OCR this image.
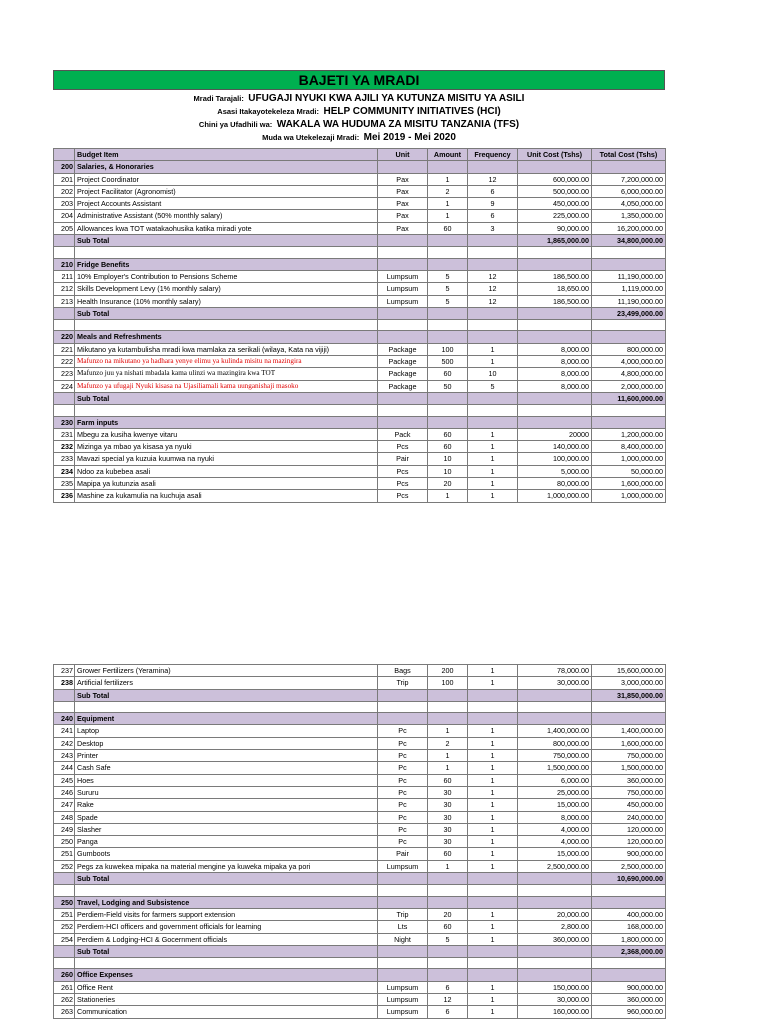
BAJETI YA MRADI
Mradi Tarajali: UFUGAJI NYUKI KWA AJILI YA KUTUNZA MISITU YA ASILI
Asasi Itakayotekeleza Mradi: HELP COMMUNITY INITIATIVES (HCI)
Chini ya Ufadhili wa: WAKALA WA HUDUMA ZA MISITU TANZANIA (TFS)
Muda wa Utekelezaji Mradi: Mei 2019 - Mei 2020
	Budget Item	Unit	Amount	Frequency	Unit Cost (Tshs)	Total Cost (Tshs)
200	Salaries, & Honoraries					
201	Project Coordinator	Pax	1	12	600,000.00	7,200,000.00
202	Project Facilitator (Agronomist)	Pax	2	6	500,000.00	6,000,000.00
203	Project Accounts Assistant	Pax	1	9	450,000.00	4,050,000.00
204	Administrative Assistant (50% monthly salary)	Pax	1	6	225,000.00	1,350,000.00
205	Allowances kwa TOT watakaohusika katika miradi yote	Pax	60	3	90,000.00	16,200,000.00
	Sub Total				1,865,000.00	34,800,000.00

210	Fridge Benefits					
211	10% Employer's Contribution to Pensions Scheme	Lumpsum	5	12	186,500.00	11,190,000.00
212	Skills Development Levy (1% monthly salary)	Lumpsum	5	12	18,650.00	1,119,000.00
213	Health Insurance (10% monthly salary)	Lumpsum	5	12	186,500.00	11,190,000.00
	Sub Total					23,499,000.00

220	Meals and Refreshments					
221	Mikutano ya kutambulisha mradi kwa mamlaka za serikali (wilaya, Kata na vijiji)	Package	100	1	8,000.00	800,000.00
222	Mafunzo na mikutano ya hadhara yenye elimu ya kulinda misitu na mazingira	Package	500	1	8,000.00	4,000,000.00
223	Mafunzo juu ya nishati mbadala kama ulinzi wa mazingira kwa TOT	Package	60	10	8,000.00	4,800,000.00
224	Mafunzo ya ufugaji Nyuki kisasa na Ujasiliamali kama uunganishaji masoko	Package	50	5	8,000.00	2,000,000.00
	Sub Total					11,600,000.00

230	Farm inputs					
231	Mbegu za kusiha kwenye vitaru	Pack	60	1	20000	1,200,000.00
232	Mizinga ya mbao ya kisasa ya nyuki	Pcs	60	1	140,000.00	8,400,000.00
233	Mavazi special ya kuzuia kuumwa na nyuki	Pair	10	1	100,000.00	1,000,000.00
234	Ndoo za kubebea asali	Pcs	10	1	5,000.00	50,000.00
235	Mapipa ya kutunzia asali	Pcs	20	1	80,000.00	1,600,000.00
236	Mashine za kukamulia na kuchuja asali	Pcs	1	1	1,000,000.00	1,000,000.00
237	Grower Fertilizers (Yeramina)	Bags	200	1	78,000.00	15,600,000.00
238	Artificial fertilizers	Trip	100	1	30,000.00	3,000,000.00
	Sub Total					31,850,000.00

240	Equipment					
241	Laptop	Pc	1	1	1,400,000.00	1,400,000.00
242	Desktop	Pc	2	1	800,000.00	1,600,000.00
243	Printer	Pc	1	1	750,000.00	750,000.00
244	Cash Safe	Pc	1	1	1,500,000.00	1,500,000.00
245	Hoes	Pc	60	1	6,000.00	360,000.00
246	Sururu	Pc	30	1	25,000.00	750,000.00
247	Rake	Pc	30	1	15,000.00	450,000.00
248	Spade	Pc	30	1	8,000.00	240,000.00
249	Slasher	Pc	30	1	4,000.00	120,000.00
250	Panga	Pc	30	1	4,000.00	120,000.00
251	Gumboots	Pair	60	1	15,000.00	900,000.00
252	Pegs za kuwekea mipaka na material mengine ya kuweka mipaka ya pori	Lumpsum	1	1	2,500,000.00	2,500,000.00
	Sub Total					10,690,000.00

250	Travel, Lodging and Subsistence					
251	Perdiem-Field visits for farmers support extension	Trip	20	1	20,000.00	400,000.00
252	Perdiem-HCI officers and government officials for learning	Lts	60	1	2,800.00	168,000.00
254	Perdiem & Lodging-HCI & Gocernment officials	Night	5	1	360,000.00	1,800,000.00
	Sub Total					2,368,000.00

260	Office Expenses					
261	Office Rent	Lumpsum	6	1	150,000.00	900,000.00
262	Stationeries	Lumpsum	12	1	30,000.00	360,000.00
263	Communication	Lumpsum	6	1	160,000.00	960,000.00
